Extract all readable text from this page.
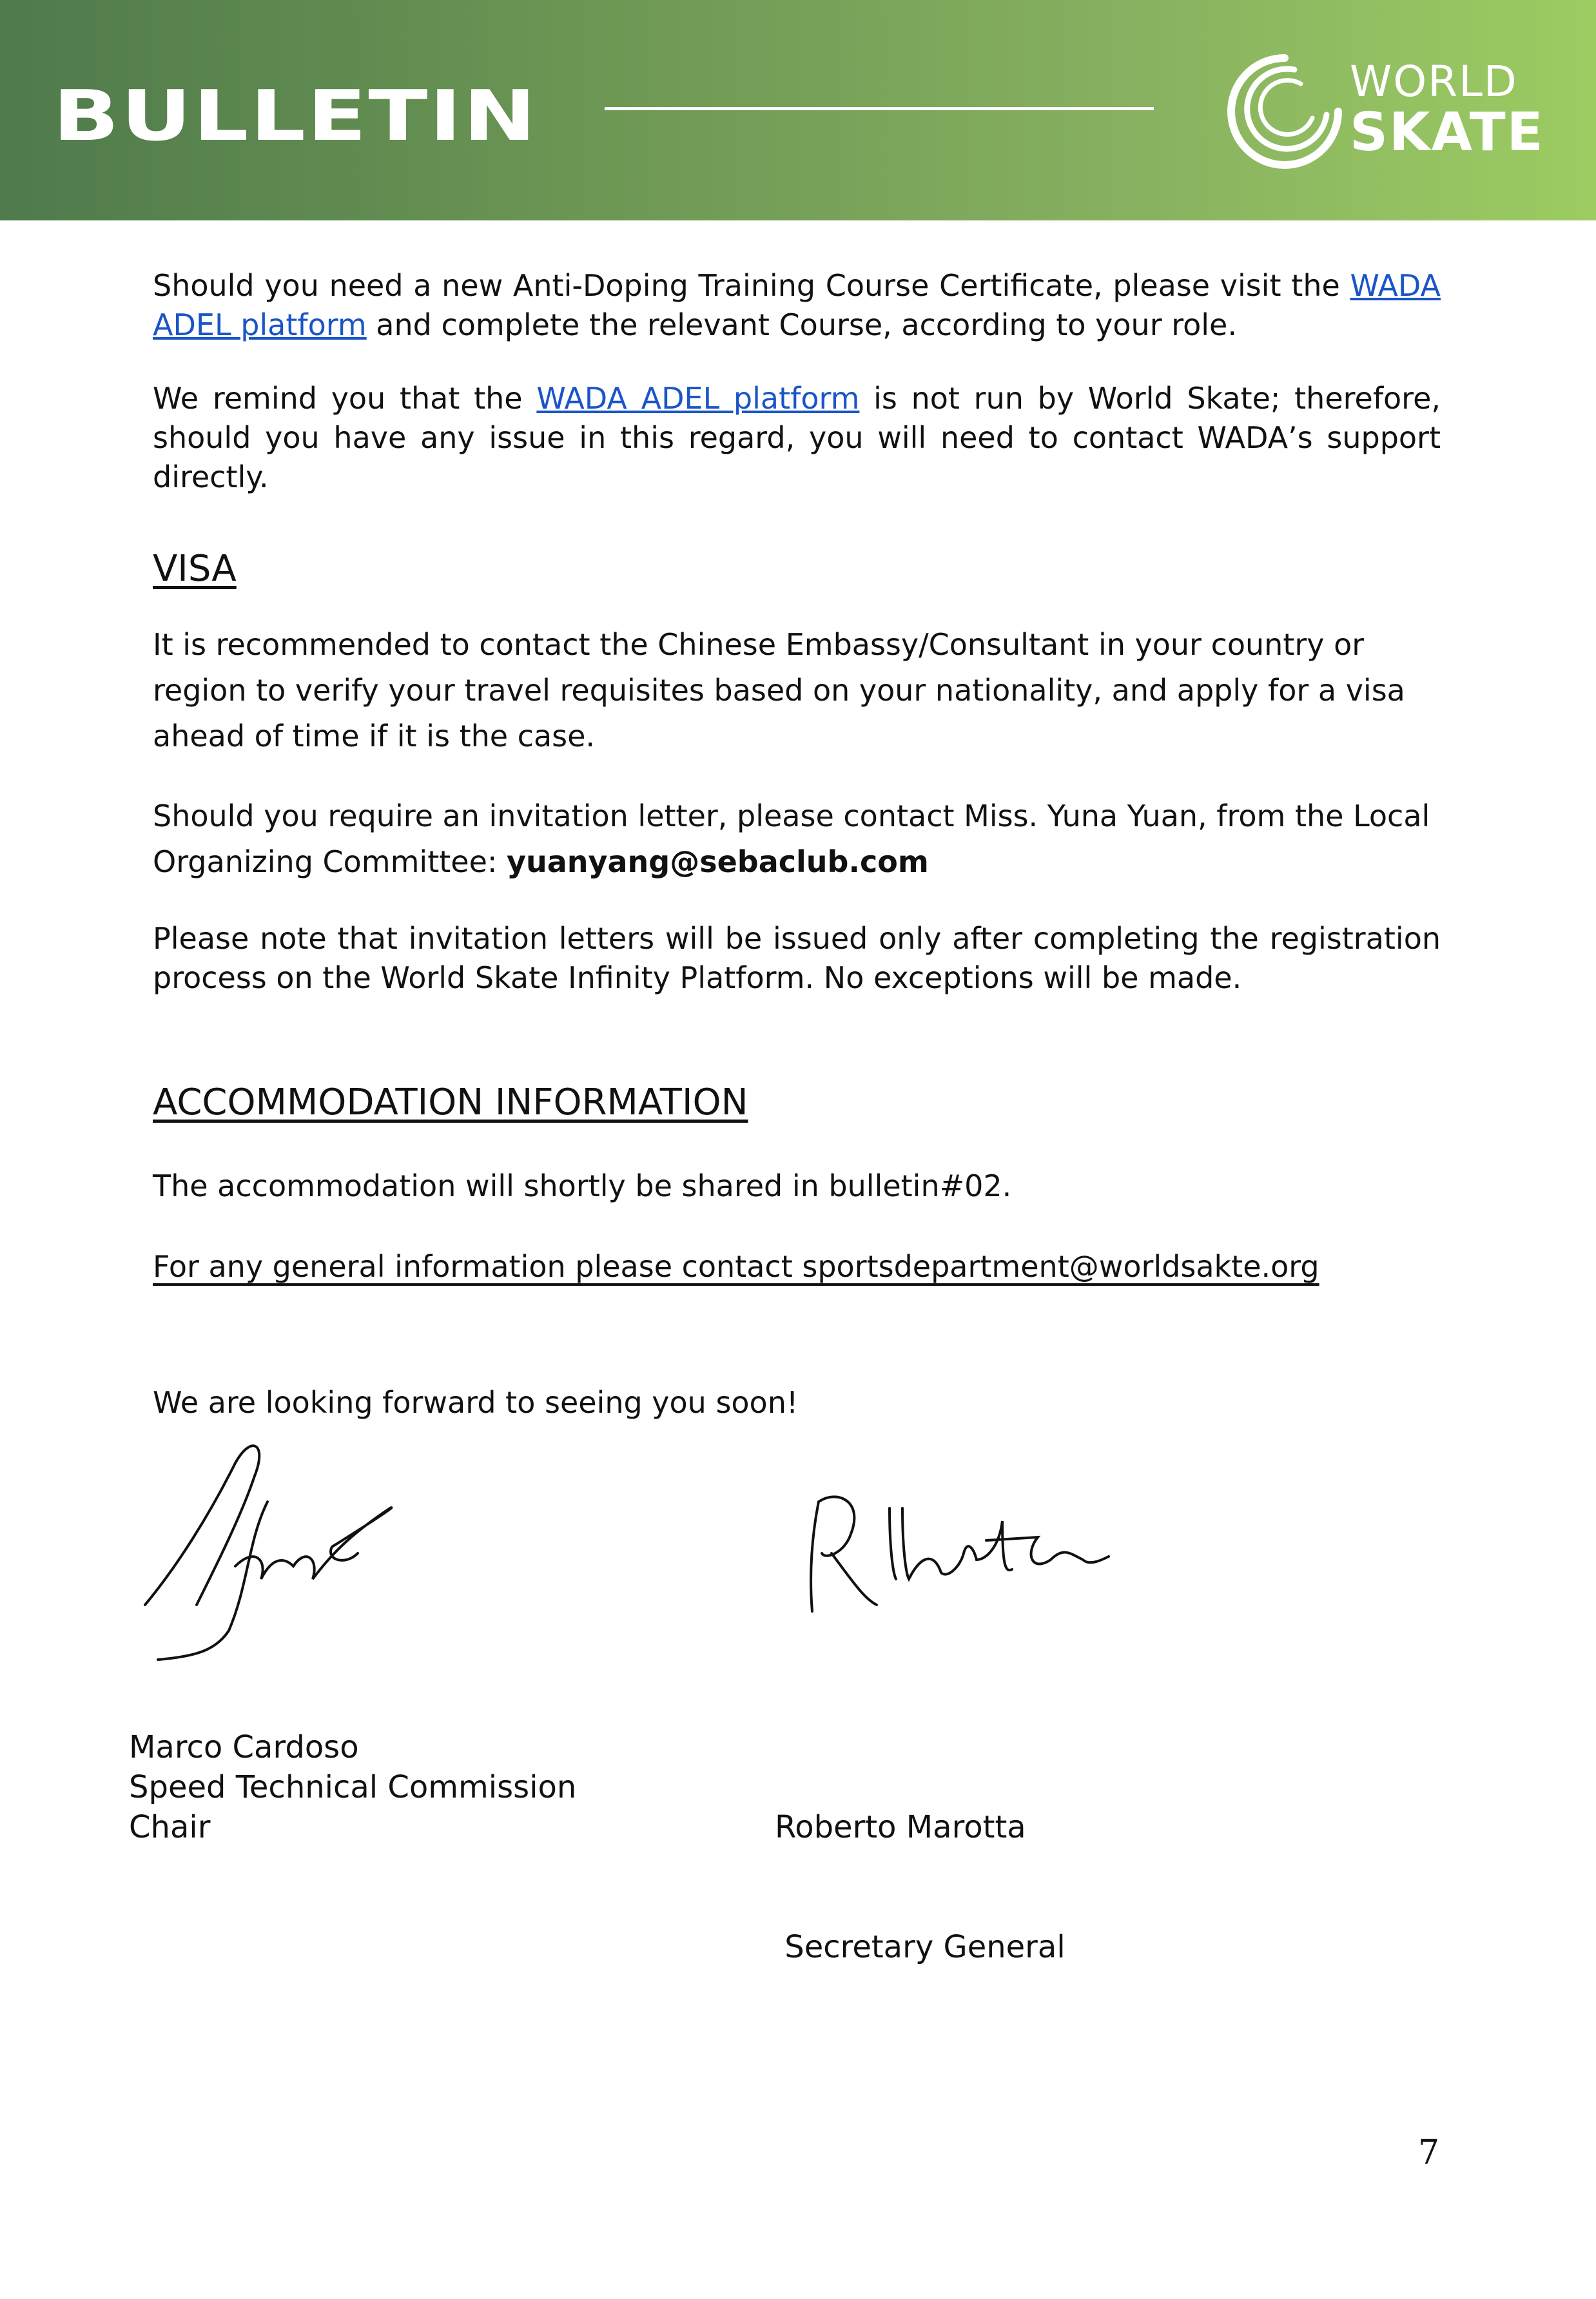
BULLETIN	WORLD
SKATE
Should you need a new Anti-Doping Training Course Certificate, please visit the WADA ADEL platform and complete the relevant Course, according to your role.
We remind you that the WADA ADEL platform is not run by World Skate; therefore, should you have any issue in this regard, you will need to contact WADA’s support directly.
VISA
It is recommended to contact the Chinese Embassy/Consultant in your country or region to verify your travel requisites based on your nationality, and apply for a visa ahead of time if it is the case.
Should you require an invitation letter, please contact Miss. Yuna Yuan, from the Local Organizing Committee: yuanyang@sebaclub.com
Please note that invitation letters will be issued only after completing the registration process on the World Skate Infinity Platform. No exceptions will be made.
ACCOMMODATION INFORMATION
The accommodation will shortly be shared in bulletin#02.
For any general information please contact sportsdepartment@worldsakte.org
We are looking forward to seeing you soon!
Marco Cardoso
Speed Technical Commission
Chair

	Roberto Marotta

Secretary General

7
